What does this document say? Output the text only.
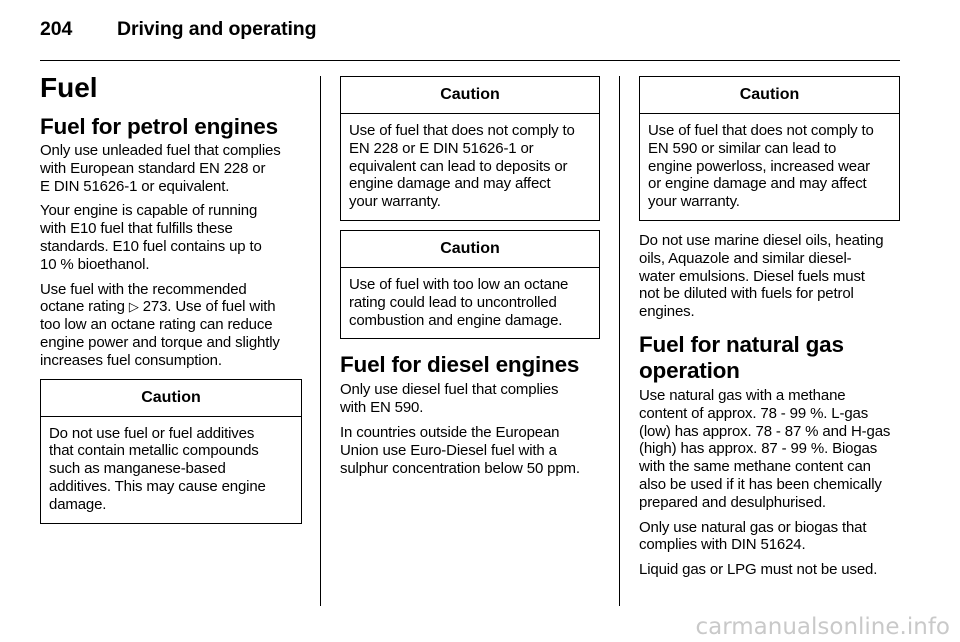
204 Driving and operating
Fuel
Fuel for petrol engines

Only use unleaded fuel that complies
with European standard EN 228 or
E DIN 51626-1 or equivalent.

Your engine is capable of running
with E10 fuel that fulfills these
standards. E10 fuel contains up to
10 % bioethanol.

Use fuel with the recommended
octane rating ▷ 273. Use of fuel with
too low an octane rating can reduce
engine power and torque and slightly
increases fuel consumption.

Caution
Do not use fuel or fuel additives
that contain metallic compounds
such as manganese-based
additives. This may cause engine
damage.
Caution
Use of fuel that does not comply to
EN 228 or E DIN 51626-1 or
equivalent can lead to deposits or
engine damage and may affect
your warranty.
Caution
Use of fuel with too low an octane
rating could lead to uncontrolled
combustion and engine damage.
Fuel for diesel engines

Only use diesel fuel that complies
with EN 590.

In countries outside the European
Union use Euro-Diesel fuel with a
sulphur concentration below 50 ppm.

Caution
Use of fuel that does not comply to
EN 590 or similar can lead to
engine powerloss, increased wear
or engine damage and may affect
your warranty.

Do not use marine diesel oils, heating
oils, Aquazole and similar diesel-
water emulsions. Diesel fuels must
not be diluted with fuels for petrol
engines.

Fuel for natural gas
operation

Use natural gas with a methane
content of approx. 78 - 99 %. L-gas
(low) has approx. 78 - 87 % and H-gas
(high) has approx. 87 - 99 %. Biogas
with the same methane content can
also be used if it has been chemically
prepared and desulphurised.

Only use natural gas or biogas that
complies with DIN 51624.

Liquid gas or LPG must not be used.

carmanualsonline.info
